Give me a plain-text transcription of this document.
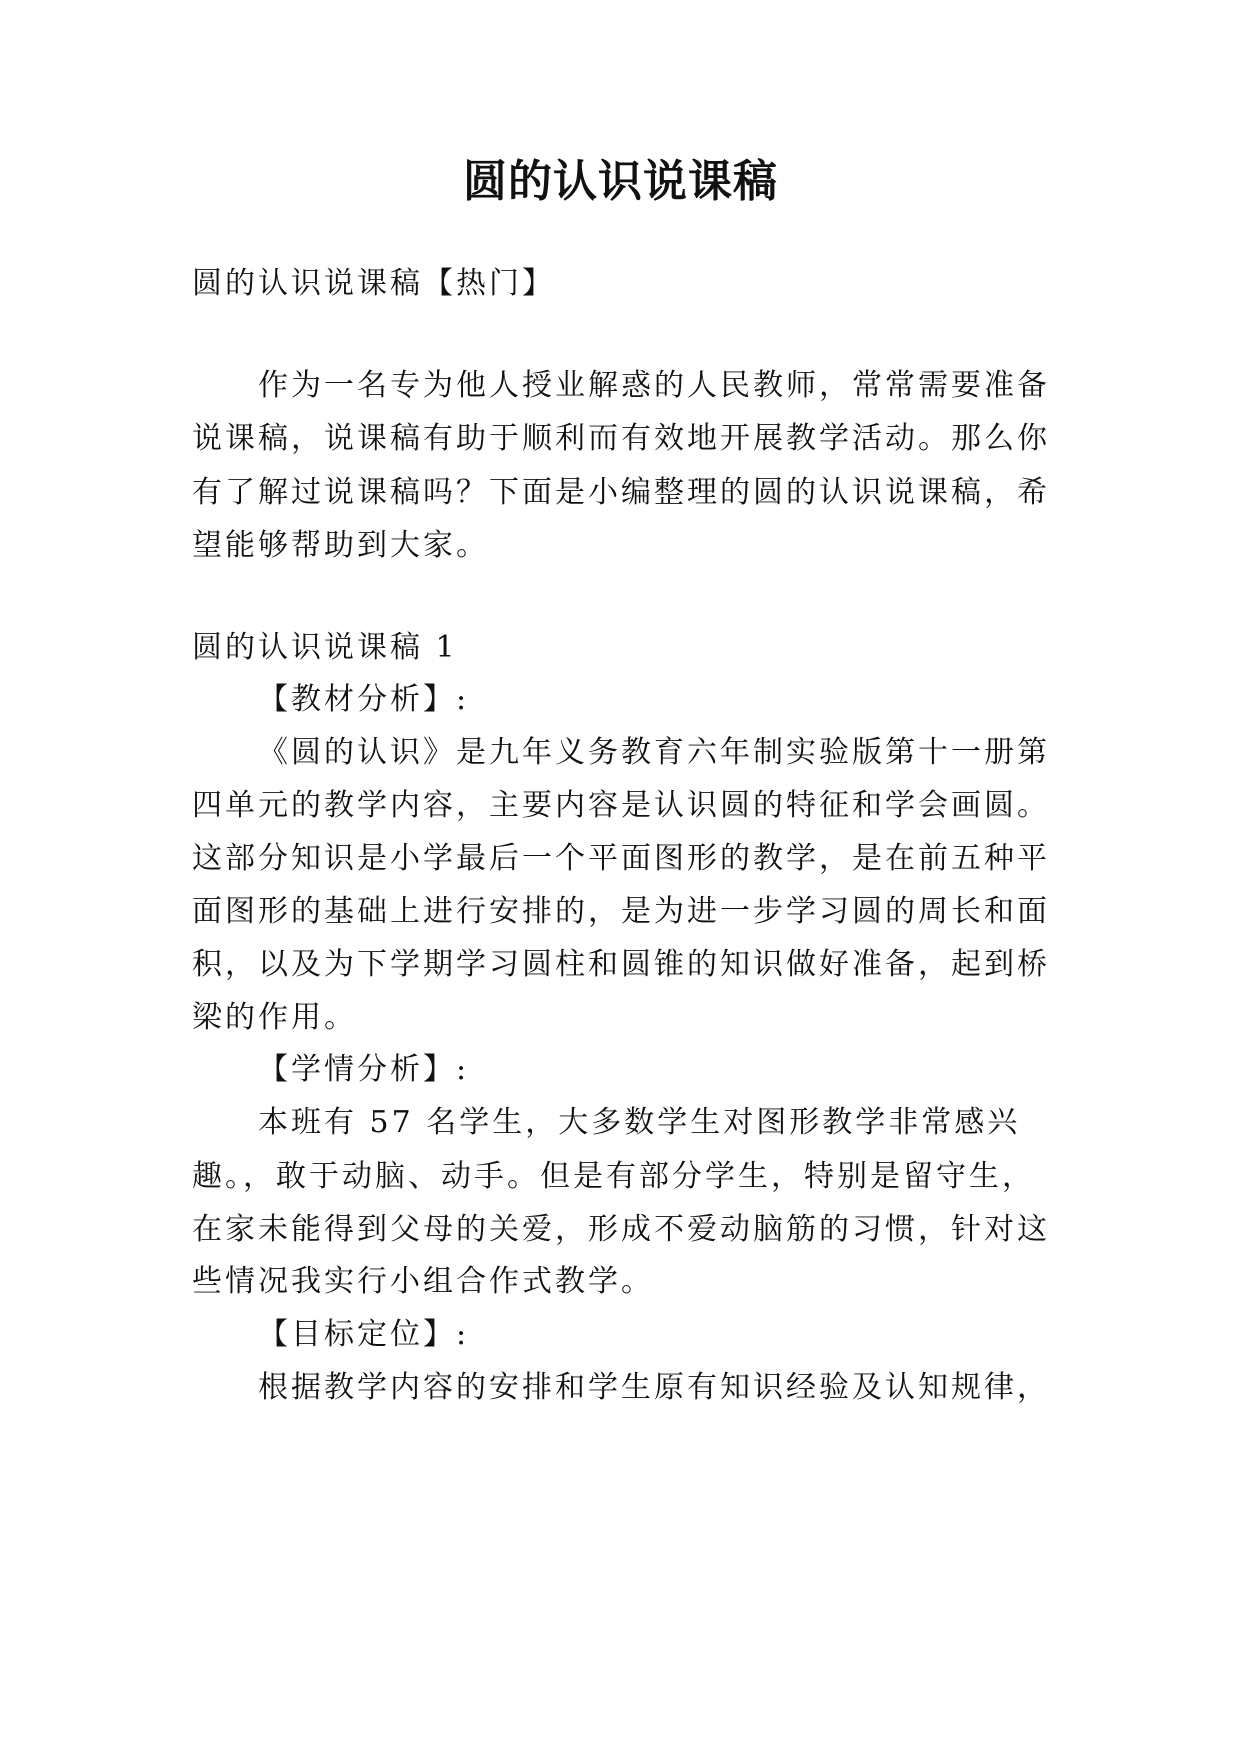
圆的认识说课稿
圆的认识说课稿【热门】
作为一名专为他人授业解惑的人民教师，常常需要准备
说课稿，说课稿有助于顺利而有效地开展教学活动。那么你
有了解过说课稿吗？下面是小编整理的圆的认识说课稿，希
望能够帮助到大家。
圆的认识说课稿 1
【教材分析】:
《圆的认识》是九年义务教育六年制实验版第十一册第
四单元的教学内容，主要内容是认识圆的特征和学会画圆。
这部分知识是小学最后一个平面图形的教学，是在前五种平
面图形的基础上进行安排的，是为进一步学习圆的周长和面
积，以及为下学期学习圆柱和圆锥的知识做好准备，起到桥
梁的作用。
【学情分析】:
本班有 57 名学生，大多数学生对图形教学非常感兴
趣。，敢于动脑、动手。但是有部分学生，特别是留守生，
在家未能得到父母的关爱，形成不爱动脑筋的习惯，针对这
些情况我实行小组合作式教学。
【目标定位】:
根据教学内容的安排和学生原有知识经验及认知规律，
